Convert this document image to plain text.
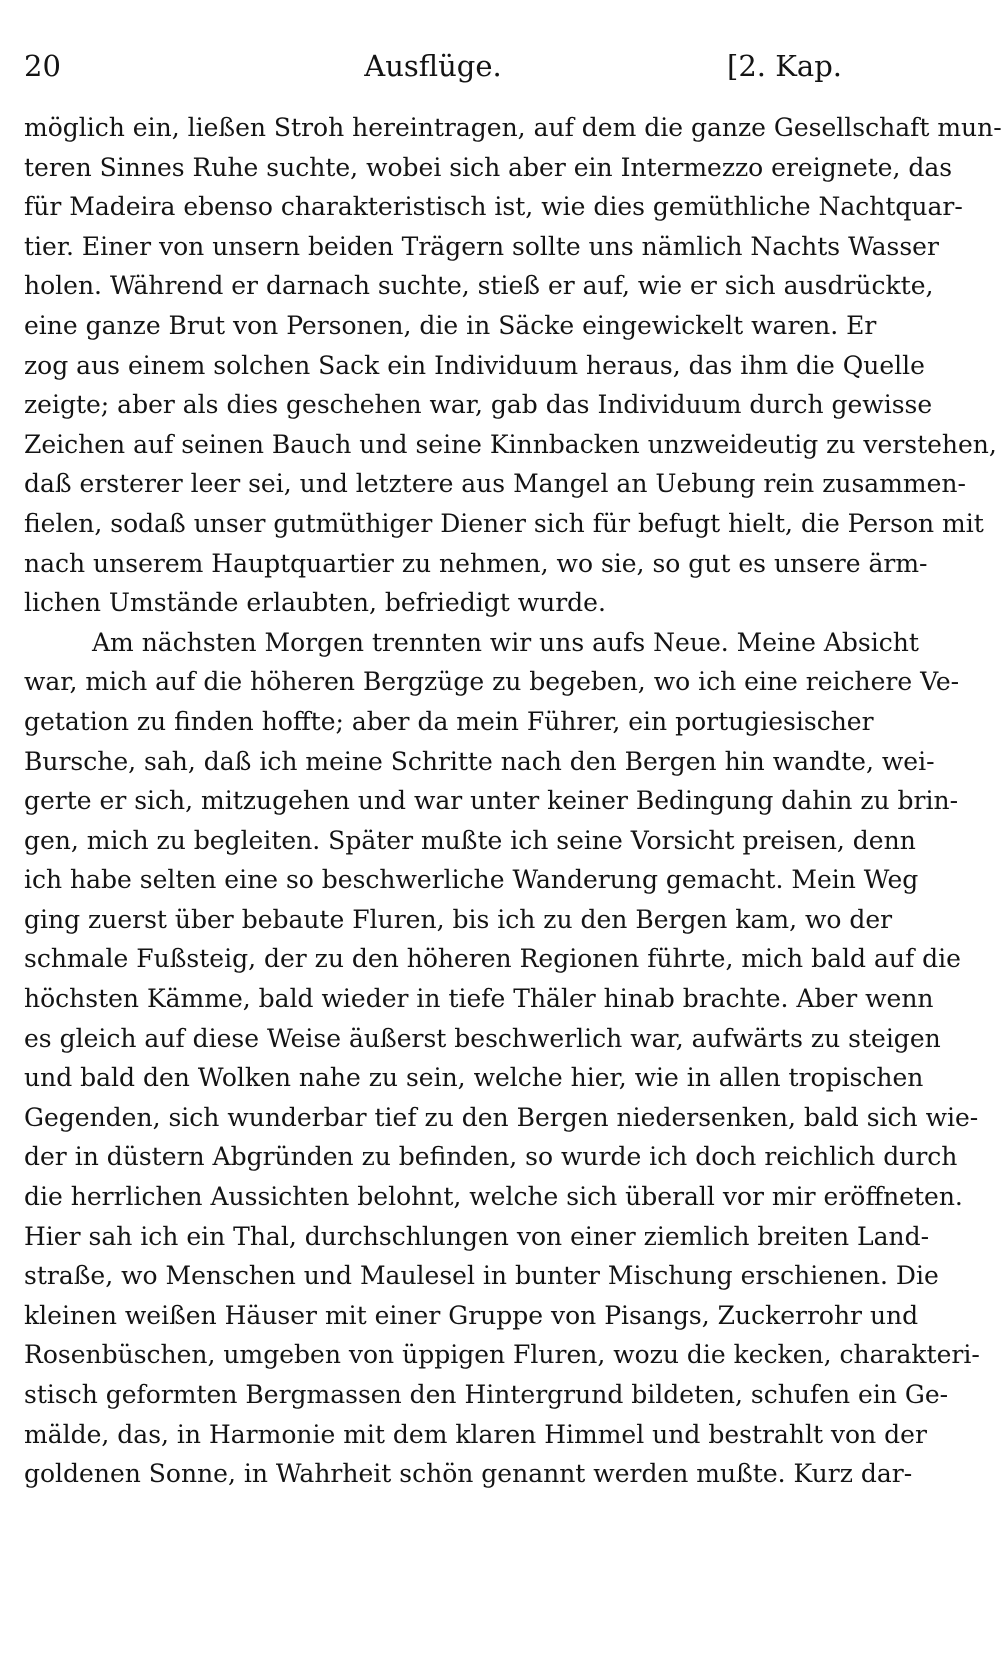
20	Ausflüge.	[2. Kap.
möglich ein, ließen Stroh hereintragen, auf dem die ganze Gesellschaft mun-
teren Sinnes Ruhe suchte, wobei sich aber ein Intermezzo ereignete, das
für Madeira ebenso charakteristisch ist, wie dies gemüthliche Nachtquar-
tier. Einer von unsern beiden Trägern sollte uns nämlich Nachts Wasser
holen. Während er darnach suchte, stieß er auf, wie er sich ausdrückte,
eine ganze Brut von Personen, die in Säcke eingewickelt waren. Er
zog aus einem solchen Sack ein Individuum heraus, das ihm die Quelle
zeigte; aber als dies geschehen war, gab das Individuum durch gewisse
Zeichen auf seinen Bauch und seine Kinnbacken unzweideutig zu verstehen,
daß ersterer leer sei, und letztere aus Mangel an Uebung rein zusammen-
fielen, sodaß unser gutmüthiger Diener sich für befugt hielt, die Person mit
nach unserem Hauptquartier zu nehmen, wo sie, so gut es unsere ärm-
lichen Umstände erlaubten, befriedigt wurde.
Am nächsten Morgen trennten wir uns aufs Neue. Meine Absicht
war, mich auf die höheren Bergzüge zu begeben, wo ich eine reichere Ve-
getation zu finden hoffte; aber da mein Führer, ein portugiesischer
Bursche, sah, daß ich meine Schritte nach den Bergen hin wandte, wei-
gerte er sich, mitzugehen und war unter keiner Bedingung dahin zu brin-
gen, mich zu begleiten. Später mußte ich seine Vorsicht preisen, denn
ich habe selten eine so beschwerliche Wanderung gemacht. Mein Weg
ging zuerst über bebaute Fluren, bis ich zu den Bergen kam, wo der
schmale Fußsteig, der zu den höheren Regionen führte, mich bald auf die
höchsten Kämme, bald wieder in tiefe Thäler hinab brachte. Aber wenn
es gleich auf diese Weise äußerst beschwerlich war, aufwärts zu steigen
und bald den Wolken nahe zu sein, welche hier, wie in allen tropischen
Gegenden, sich wunderbar tief zu den Bergen niedersenken, bald sich wie-
der in düstern Abgründen zu befinden, so wurde ich doch reichlich durch
die herrlichen Aussichten belohnt, welche sich überall vor mir eröffneten.
Hier sah ich ein Thal, durchschlungen von einer ziemlich breiten Land-
straße, wo Menschen und Maulesel in bunter Mischung erschienen. Die
kleinen weißen Häuser mit einer Gruppe von Pisangs, Zuckerrohr und
Rosenbüschen, umgeben von üppigen Fluren, wozu die kecken, charakteri-
stisch geformten Bergmassen den Hintergrund bildeten, schufen ein Ge-
mälde, das, in Harmonie mit dem klaren Himmel und bestrahlt von der
goldenen Sonne, in Wahrheit schön genannt werden mußte. Kurz dar-
